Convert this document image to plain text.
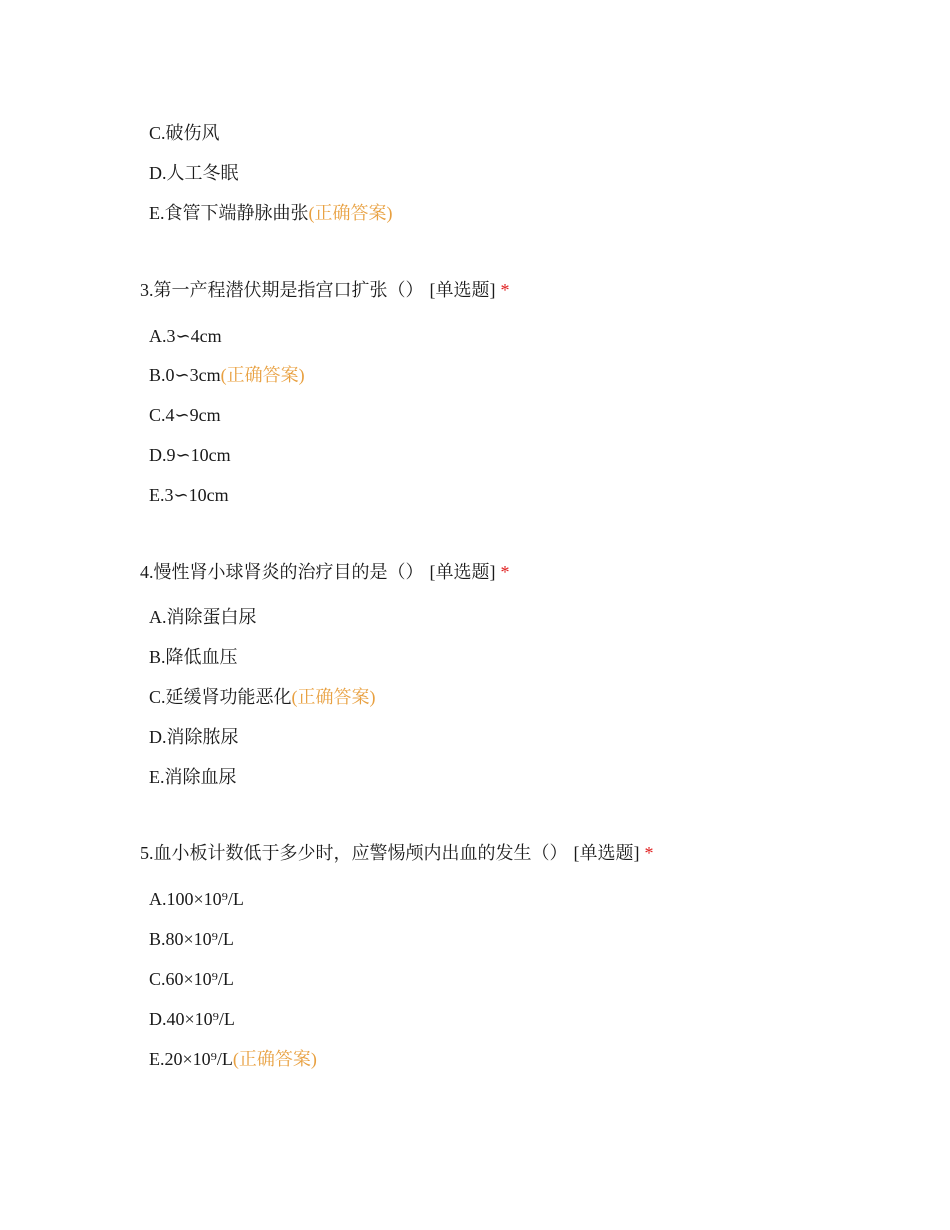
C.破伤风
D.人工冬眠
E.食管下端静脉曲张(正确答案)
3.第一产程潜伏期是指宫口扩张（） [单选题] *
A.3∽4cm
B.0∽3cm(正确答案)
C.4∽9cm
D.9∽10cm
E.3∽10cm
4.慢性肾小球肾炎的治疗目的是（） [单选题] *
A.消除蛋白尿
B.降低血压
C.延缓肾功能恶化(正确答案)
D.消除脓尿
E.消除血尿
5.血小板计数低于多少时，应警惕颅内出血的发生（） [单选题] *
A.100×10⁹/L
B.80×10⁹/L
C.60×10⁹/L
D.40×10⁹/L
E.20×10⁹/L(正确答案)
